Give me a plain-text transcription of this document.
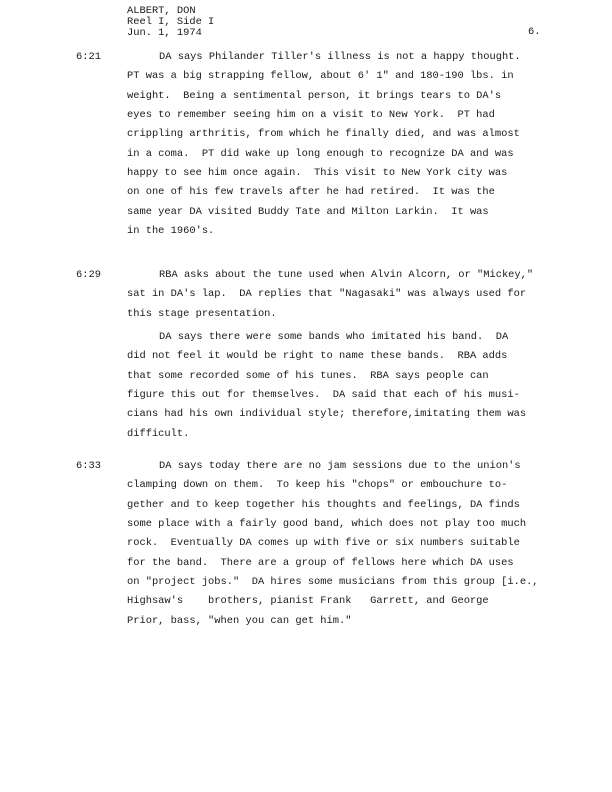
ALBERT, DON
Reel I, Side I
Jun. 1, 1974	6.
6:21	DA says Philander Tiller's illness is not a happy thought.
PT was a big strapping fellow, about 6' 1" and 180-190 lbs. in
weight.  Being a sentimental person, it brings tears to DA's
eyes to remember seeing him on a visit to New York.  PT had
crippling arthritis, from which he finally died, and was almost
in a coma.  PT did wake up long enough to recognize DA and was
happy to see him once again.  This visit to New York city was
on one of his few travels after he had retired.  It was the
same year DA visited Buddy Tate and Milton Larkin.  It was
in the 1960's.
6:29	RBA asks about the tune used when Alvin Alcorn, or "Mickey,"
sat in DA's lap.  DA replies that "Nagasaki" was always used for
this stage presentation.
DA says there were some bands who imitated his band.  DA
did not feel it would be right to name these bands.  RBA adds
that some recorded some of his tunes.  RBA says people can
figure this out for themselves.  DA said that each of his musi-
cians had his own individual style; therefore,imitating them was
difficult.
6:33	DA says today there are no jam sessions due to the union's
clamping down on them.  To keep his "chops" or embouchure to-
gether and to keep together his thoughts and feelings, DA finds
some place with a fairly good band, which does not play too much
rock.  Eventually DA comes up with five or six numbers suitable
for the band.  There are a group of fellows here which DA uses
on "project jobs."  DA hires some musicians from this group [i.e.,
Highsaw's    brothers, pianist Frank   Garrett, and George
Prior, bass, "when you can get him."
